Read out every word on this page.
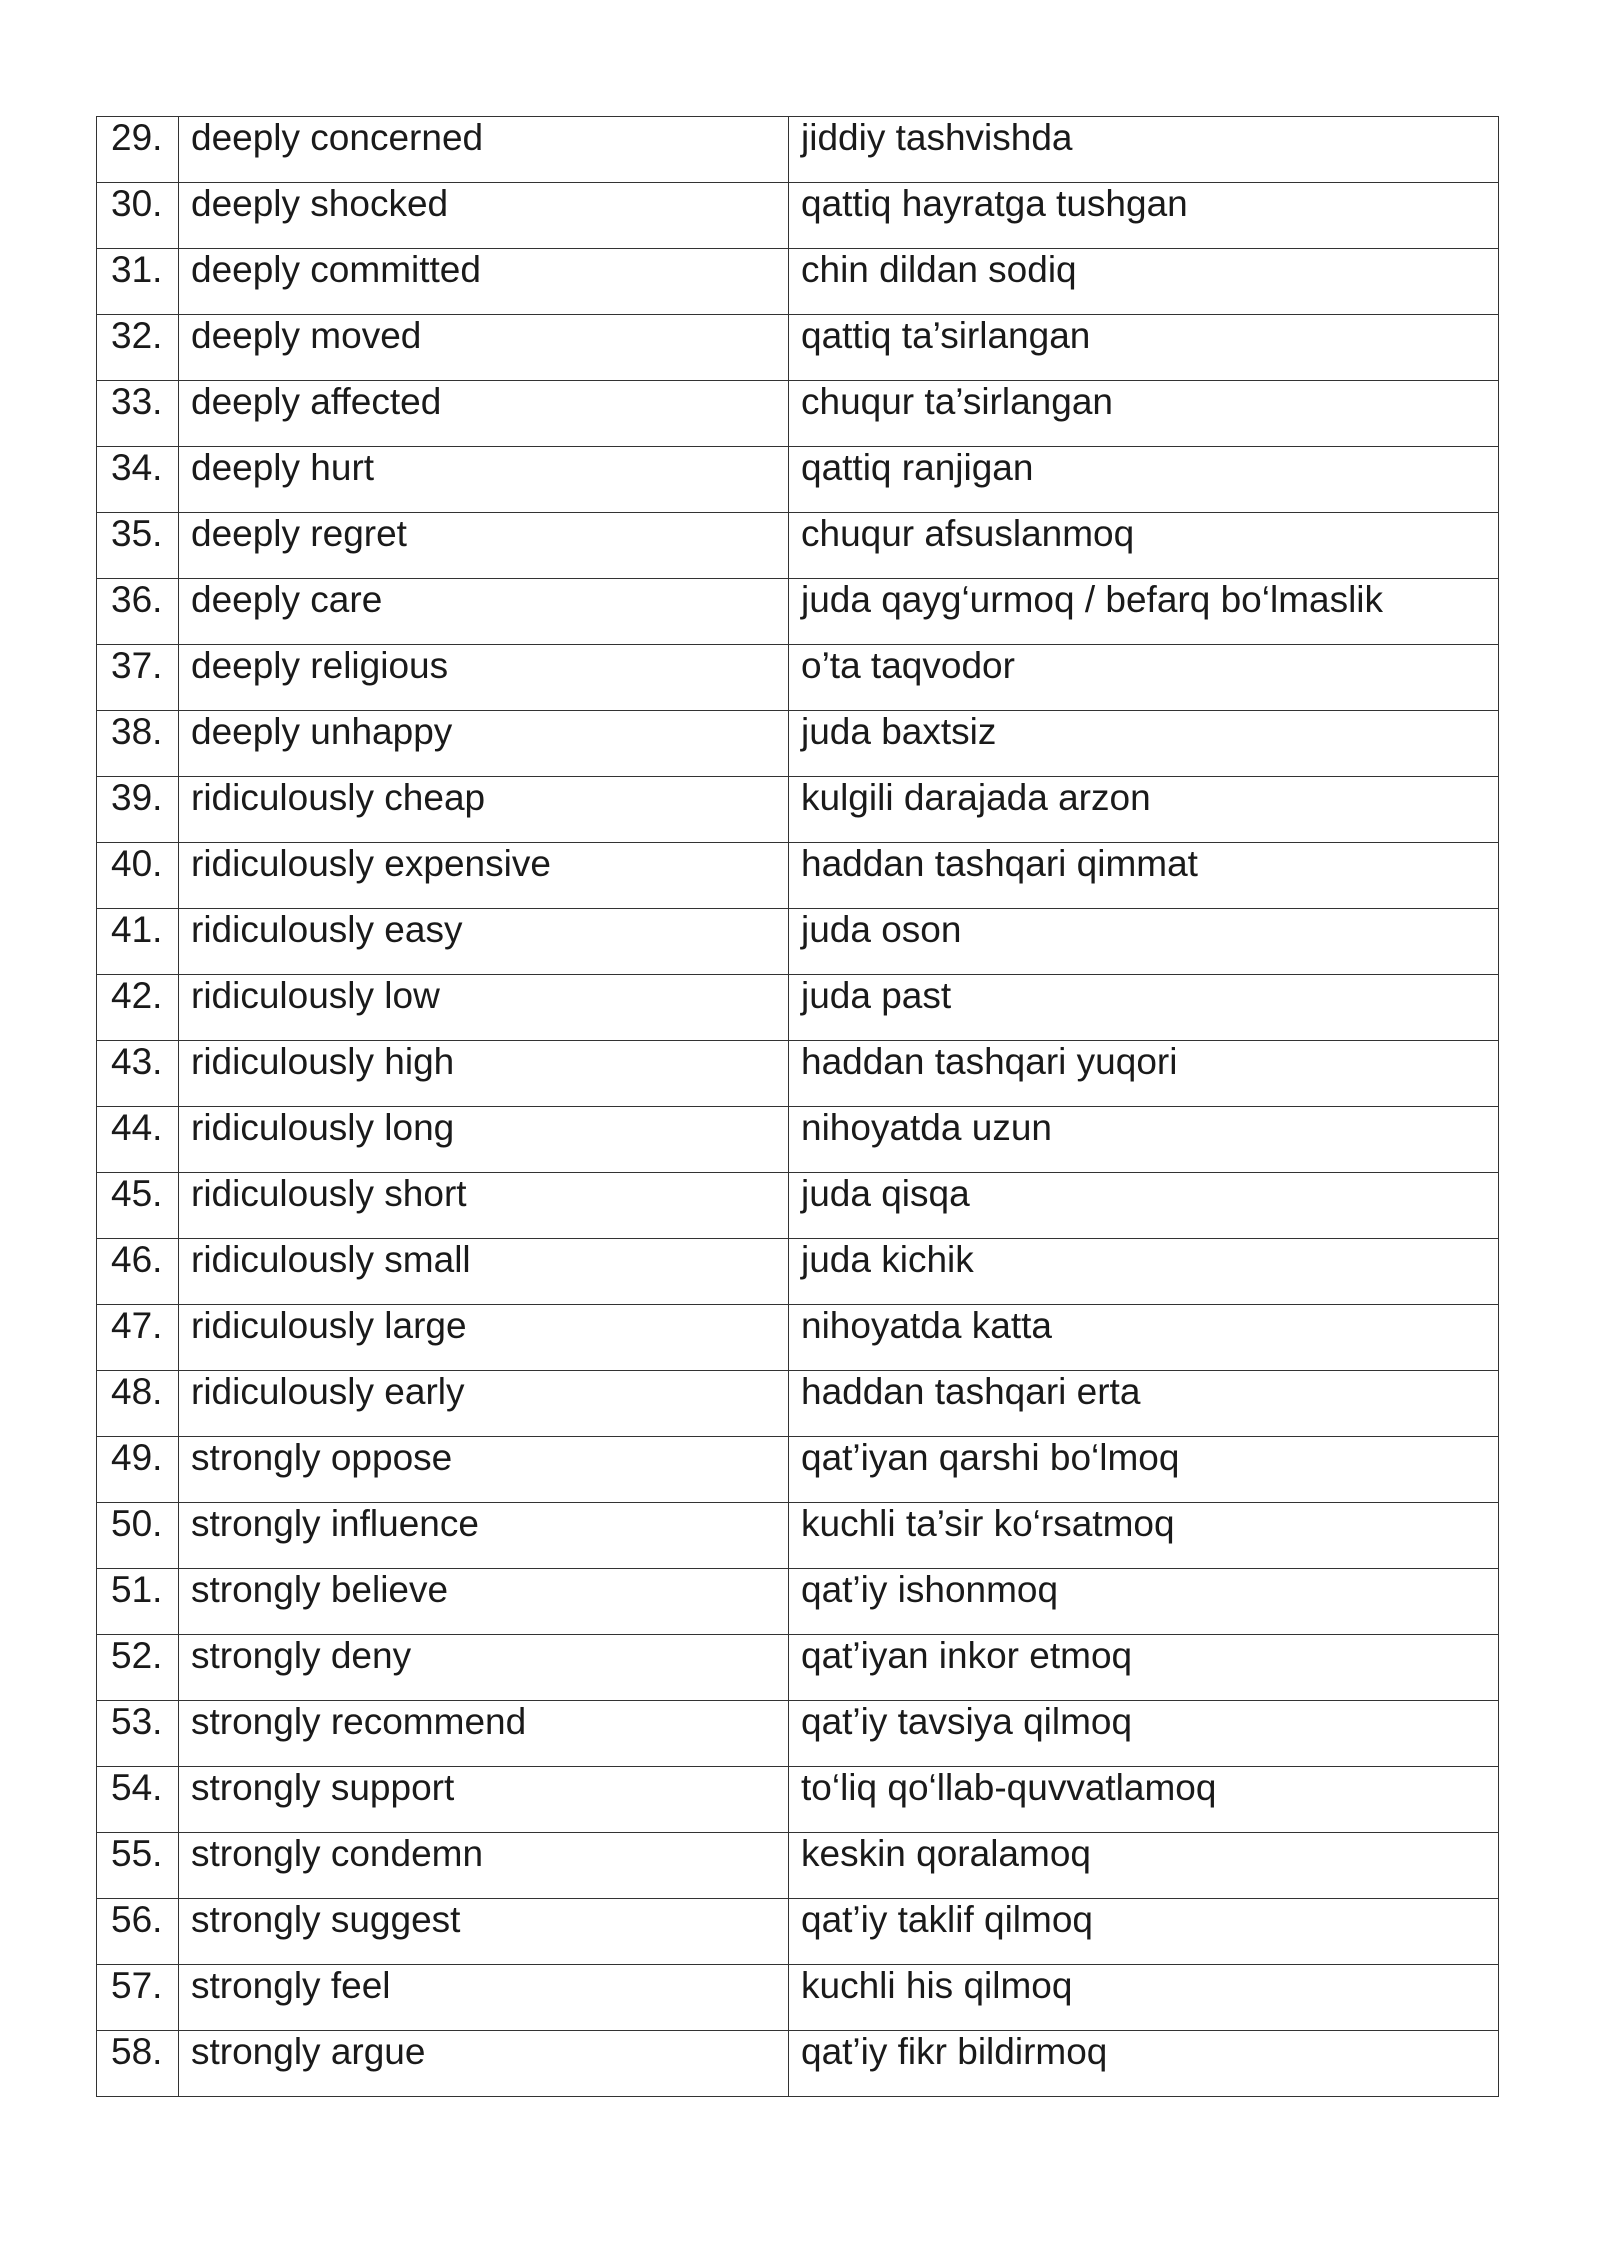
29.	deeply concerned	jiddiy tashvishda
30.	deeply shocked	qattiq hayratga tushgan
31.	deeply committed	chin dildan sodiq
32.	deeply moved	qattiq ta’sirlangan
33.	deeply affected	chuqur ta’sirlangan
34.	deeply hurt	qattiq ranjigan
35.	deeply regret	chuqur afsuslanmoq
36.	deeply care	juda qayg‘urmoq / befarq bo‘lmaslik
37.	deeply religious	o’ta taqvodor
38.	deeply unhappy	juda baxtsiz
39.	ridiculously cheap	kulgili darajada arzon
40.	ridiculously expensive	haddan tashqari qimmat
41.	ridiculously easy	juda oson
42.	ridiculously low	juda past
43.	ridiculously high	haddan tashqari yuqori
44.	ridiculously long	nihoyatda uzun
45.	ridiculously short	juda qisqa
46.	ridiculously small	juda kichik
47.	ridiculously large	nihoyatda katta
48.	ridiculously early	haddan tashqari erta
49.	strongly oppose	qat’iyan qarshi bo‘lmoq
50.	strongly influence	kuchli ta’sir ko‘rsatmoq
51.	strongly believe	qat’iy ishonmoq
52.	strongly deny	qat’iyan inkor etmoq
53.	strongly recommend	qat’iy tavsiya qilmoq
54.	strongly support	to‘liq qo‘llab-quvvatlamoq
55.	strongly condemn	keskin qoralamoq
56.	strongly suggest	qat’iy taklif qilmoq
57.	strongly feel	kuchli his qilmoq
58.	strongly argue	qat’iy fikr bildirmoq
